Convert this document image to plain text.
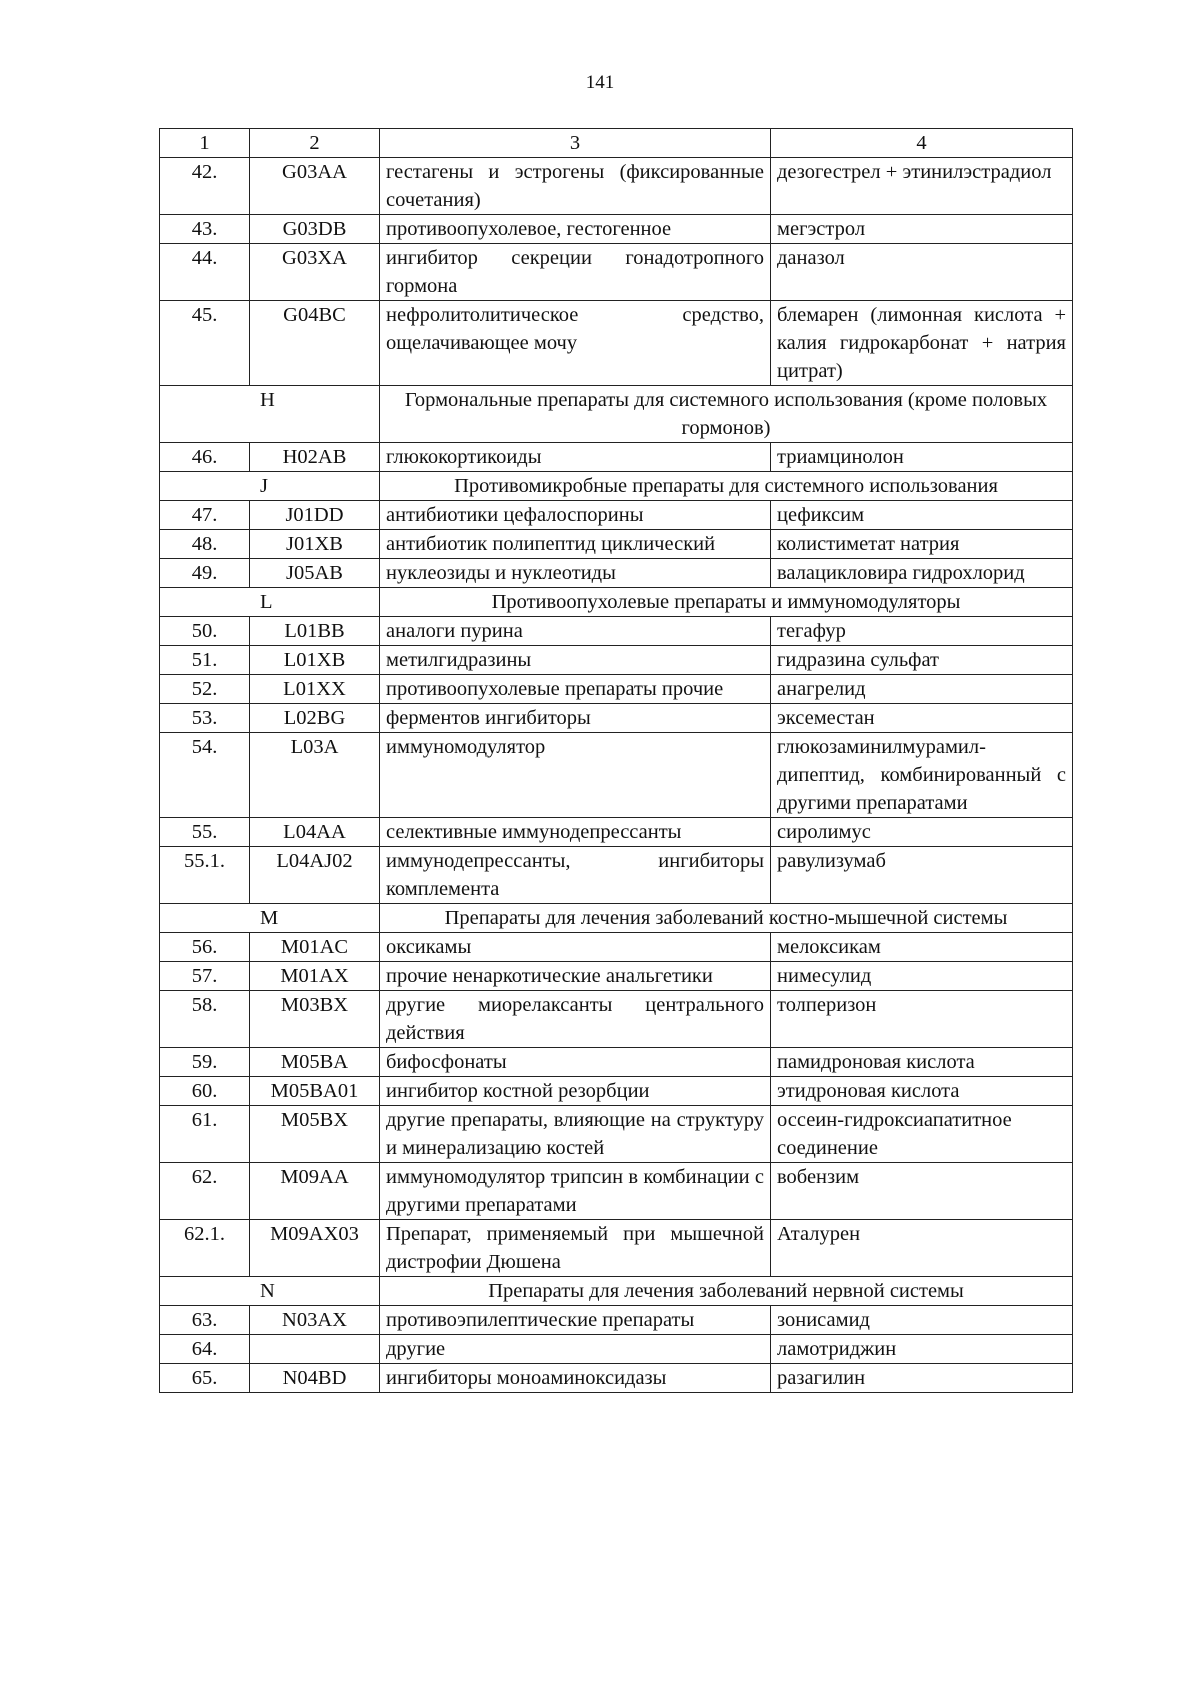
141
1	2	3	4
42.	G03AA	гестагены и эстрогены (фиксированные сочетания)	дезогестрел + этинилэстрадиол
43.	G03DB	противоопухолевое, гестогенное	мегэстрол
44.	G03XA	ингибитор секреции гонадотропного гормона	даназол
45.	G04BC	нефролитолитическое средство, ощелачивающее мочу	блемарен (лимонная кислота + калия гидрокарбонат + натрия цитрат)
H		Гормональные препараты для системного использования (кроме половых гормонов)	
46.	H02AB	глюкокортикоиды	триамцинолон
J		Противомикробные препараты для системного использования	
47.	J01DD	антибиотики цефалоспорины	цефиксим
48.	J01XB	антибиотик полипептид циклический	колистиметат натрия
49.	J05AB	нуклеозиды и нуклеотиды	валацикловира гидрохлорид
L		Противоопухолевые препараты и иммуномодуляторы	
50.	L01BB	аналоги пурина	тегафур
51.	L01XB	метилгидразины	гидразина сульфат
52.	L01XX	противоопухолевые препараты прочие	анагрелид
53.	L02BG	ферментов ингибиторы	эксеместан
54.	L03A	иммуномодулятор	глюкозаминилмурамил-дипептид, комбинированный с другими препаратами
55.	L04AA	селективные иммунодепрессанты	сиролимус
55.1.	L04AJ02	иммунодепрессанты, ингибиторы комплемента	равулизумаб
M		Препараты для лечения заболеваний костно-мышечной системы	
56.	M01AC	оксикамы	мелоксикам
57.	M01AX	прочие ненаркотические анальгетики	нимесулид
58.	M03BX	другие миорелаксанты центрального действия	толперизон
59.	M05BA	бифосфонаты	памидроновая кислота
60.	M05BA01	ингибитор костной резорбции	этидроновая кислота
61.	M05BX	другие препараты, влияющие на структуру и минерализацию костей	оссеин-гидроксиапатитное соединение
62.	M09AA	иммуномодулятор трипсин в комбинации с другими препаратами	вобензим
62.1.	M09AX03	Препарат, применяемый при мышечной дистрофии Дюшена	Аталурен
N		Препараты для лечения заболеваний нервной системы	
63.	N03AX	противоэпилептические препараты	зонисамид
64.		другие	ламотриджин
65.	N04BD	ингибиторы моноаминоксидазы	разагилин
